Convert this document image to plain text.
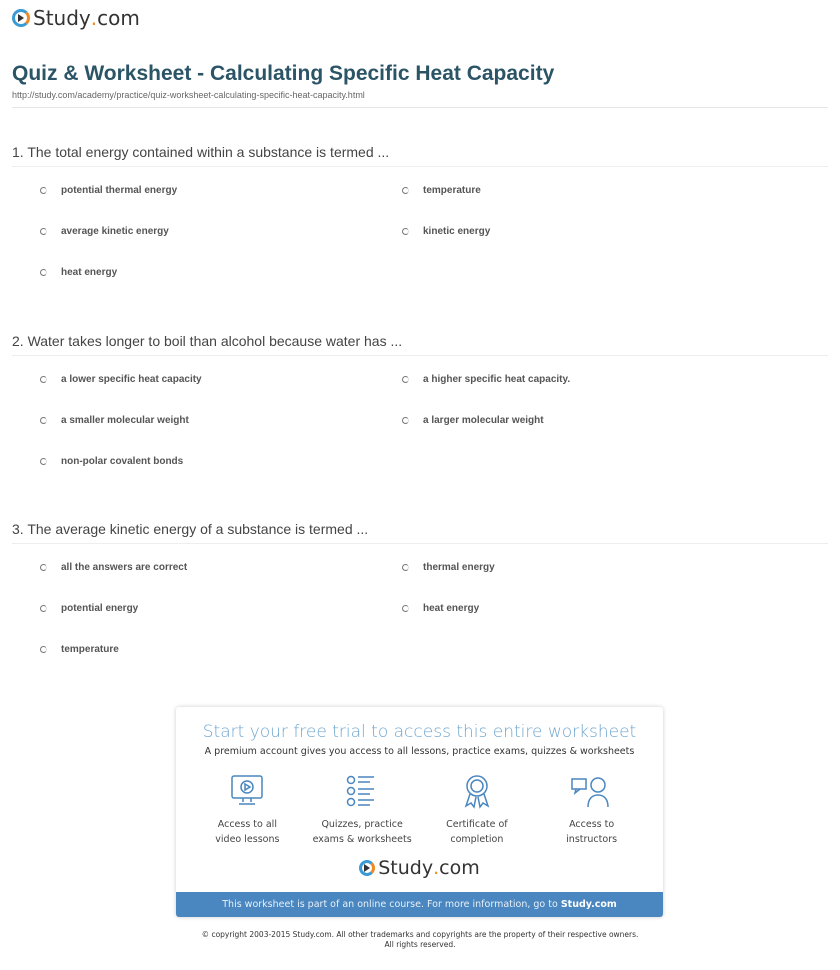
Study . com
Quiz & Worksheet - Calculating Specific Heat Capacity
http://study.com/academy/practice/quiz-worksheet-calculating-specific-heat-capacity.html
1. The total energy contained within a substance is termed ...
potential thermal energy	temperature
average kinetic energy	kinetic energy
heat energy
2. Water takes longer to boil than alcohol because water has ...
a lower specific heat capacity	a higher specific heat capacity.
a smaller molecular weight	a larger molecular weight
non-polar covalent bonds
3. The average kinetic energy of a substance is termed ...
all the answers are correct	thermal energy
potential energy	heat energy
temperature
Start your free trial to access this entire worksheet
A premium account gives you access to all lessons, practice exams, quizzes & worksheets
Access to all
video lessons
Quizzes, practice
exams & worksheets
Certificate of
completion
Access to
instructors
Study . com
This worksheet is part of an online course. For more information, go to Study.com
© copyright 2003-2015 Study.com. All other trademarks and copyrights are the property of their respective owners.
All rights reserved.
